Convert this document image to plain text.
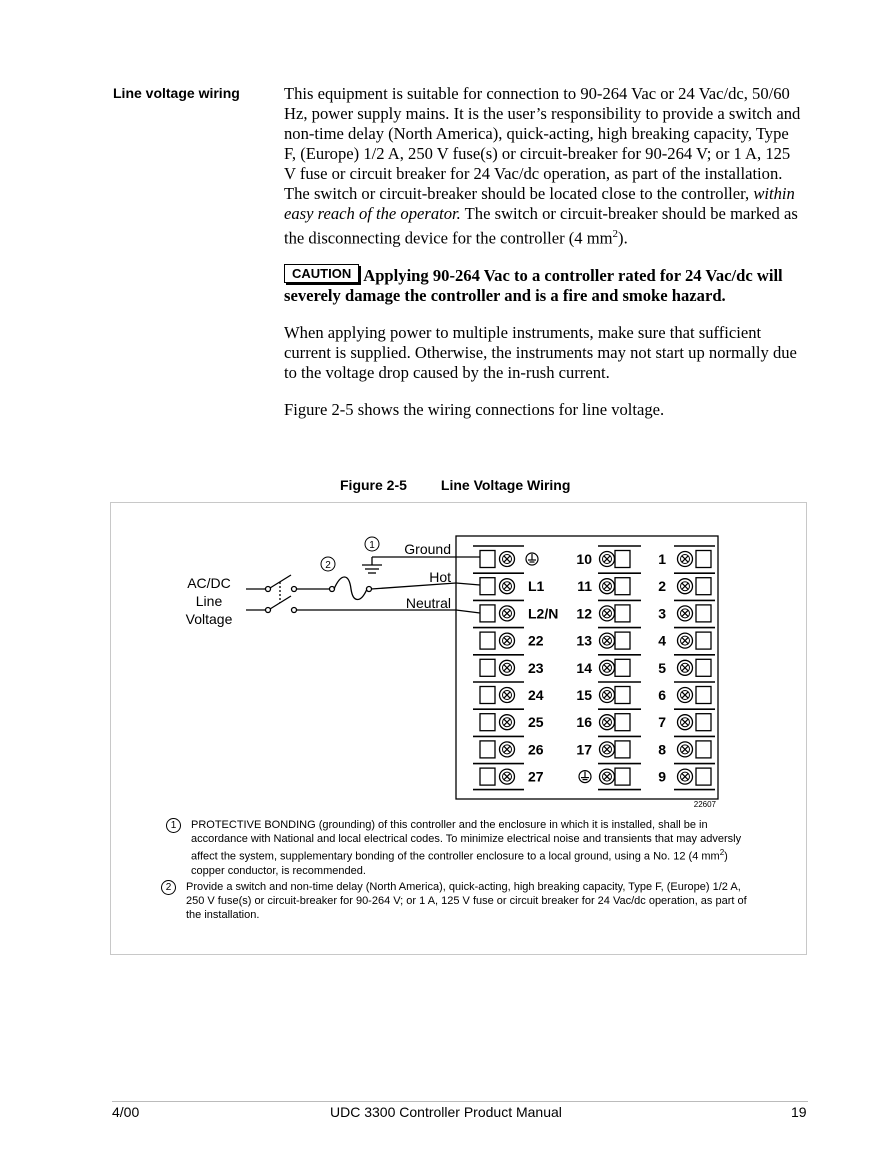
Line voltage wiring	This equipment is suitable for connection to 90-264 Vac or 24 Vac/dc, 50/60 Hz, power supply mains. It is the user’s responsibility to provide a switch and non-time delay (North America), quick-acting, high breaking capacity, Type F, (Europe) 1/2 A, 250 V fuse(s) or circuit-breaker for 90-264 V; or 1 A, 125 V fuse or circuit breaker for 24 Vac/dc operation, as part of the installation. The switch or circuit-breaker should be located close to the controller, within easy reach of the operator. The switch or circuit-breaker should be marked as the disconnecting device for the controller (4 $mm^2$).

CAUTION Applying 90-264 Vac to a controller rated for 24 Vac/dc will severely damage the controller and is a fire and smoke hazard.

When applying power to multiple instruments, make sure that sufficient current is supplied. Otherwise, the instruments may not start up normally due to the voltage drop caused by the in-rush current.

Figure 2-5 shows the wiring connections for line voltage.

Figure 2-5 Line Voltage Wiring
AC/DC
Line
Voltage
1
2
Ground
Hot
Neutral
L1
L2/N
22
23
24
25
26
27
10
11
12
13
14
15
16
17
1
2
3
4
5
6
7
8
9
22607
1	PROTECTIVE BONDING (grounding) of this controller and the enclosure in which it is installed, shall be in accordance with National and local electrical codes. To minimize electrical noise and transients that may adversly affect the system, supplementary bonding of the controller enclosure to a local ground, using a No. 12 (4 $mm^2$) copper conductor, is recommended.
2	Provide a switch and non-time delay (North America), quick-acting, high breaking capacity, Type F, (Europe) 1/2 A, 250 V fuse(s) or circuit-breaker for 90-264 V; or 1 A, 125 V fuse or circuit breaker for 24 Vac/dc operation, as part of the installation.
4/00	UDC 3300 Controller Product Manual	19
